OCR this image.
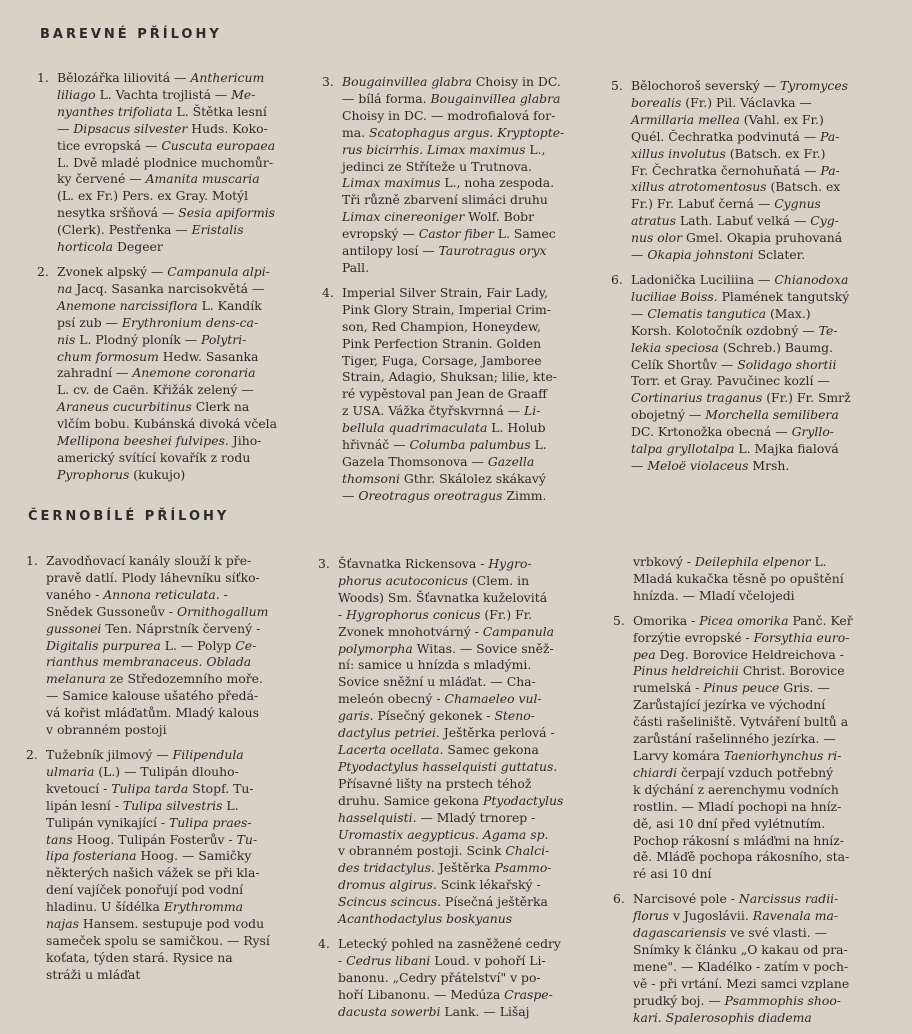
BAREVNÉ PŘÍLOHY
1. Bělozářka liliovitá — Anthericum
liliago L. Vachta trojlistá — Me-
nyanthes trifoliata L. Štětka lesní
— Dipsacus silvester Huds. Koko-
tice evropská — Cuscuta europaea
L. Dvě mladé plodnice muchomůr-
ky červené — Amanita muscaria
(L. ex Fr.) Pers. ex Gray. Motýl
nesytka sršňová — Sesia apiformis
(Clerk). Pestřenka — Eristalis
horticola Degeer
2. Zvonek alpský — Campanula alpi-
na Jacq. Sasanka narcisokvětá —
Anemone narcissiflora L. Kandík
psí zub — Erythronium dens-ca-
nis L. Plodný ploník — Polytri-
chum formosum Hedw. Sasanka
zahradní — Anemone coronaria
L. cv. de Caën. Křižák zelený —
Araneus cucurbitinus Clerk na
vlčím bobu. Kubánská divoká včela
Mellipona beeshei fulvipes. Jiho-
americký svítící kovařík z rodu
Pyrophorus (kukujo)
3. Bougainvillea glabra Choisy in DC.
— bílá forma. Bougainvillea glabra
Choisy in DC. — modrofialová for-
ma. Scatophagus argus. Kryptopte-
rus bicirrhis. Limax maximus L.,
jedinci ze Stříteže u Trutnova.
Limax maximus L., noha zespoda.
Tři různě zbarvení slimáci druhu
Limax cinereoniger Wolf. Bobr
evropský — Castor fiber L. Samec
antilopy losí — Taurotragus oryx
Pall.
4. Imperial Silver Strain, Fair Lady,
Pink Glory Strain, Imperial Crim-
son, Red Champion, Honeydew,
Pink Perfection Stranin. Golden
Tiger, Fuga, Corsage, Jamboree
Strain, Adagio, Shuksan; lilie, kte-
ré vypěstoval pan Jean de Graaff
z USA. Vážka čtyřskvrnná — Li-
bellula quadrimaculata L. Holub
hřivnáč — Columba palumbus L.
Gazela Thomsonova — Gazella
thomsoni Gthr. Skálolez skákavý
— Oreotragus oreotragus Zimm.
5. Bělochoroš severský — Tyromyces
borealis (Fr.) Pil. Václavka —
Armillaria mellea (Vahl. ex Fr.)
Quél. Čechratka podvinutá — Pa-
xillus involutus (Batsch. ex Fr.)
Fr. Čechratka černohuňatá — Pa-
xillus atrotomentosus (Batsch. ex
Fr.) Fr. Labuť černá — Cygnus
atratus Lath. Labuť velká — Cyg-
nus olor Gmel. Okapia pruhovaná
— Okapia johnstoni Sclater.
6. Ladonička Luciliina — Chianodoxa
luciliae Boiss. Plamének tangutský
— Clematis tangutica (Max.)
Korsh. Kolotočník ozdobný — Te-
lekia speciosa (Schreb.) Baumg.
Celík Shortův — Solidago shortii
Torr. et Gray. Pavučinec kozlí —
Cortinarius traganus (Fr.) Fr. Smrž
obojetný — Morchella semilibera
DC. Krtonožka obecná — Gryllo-
talpa gryllotalpa L. Majka fialová
— Meloë violaceus Mrsh.
ČERNOBÍLÉ PŘÍLOHY
1. Zavodňovací kanály slouží k pře-
pravě datlí. Plody láhevníku síťko-
vaného - Annona reticulata. -
Snědek Gussoneův - Ornithogallum
gussonei Ten. Náprstník červený -
Digitalis purpurea L. — Polyp Ce-
rianthus membranaceus. Oblada
melanura ze Středozemního moře.
— Samice kalouse ušatého předá-
vá kořist mláďatům. Mladý kalous
v obranném postoji
2. Tužebník jilmový — Filipendula
ulmaria (L.) — Tulipán dlouho-
kvetoucí - Tulipa tarda Stopf. Tu-
lipán lesní - Tulipa silvestris L.
Tulipán vynikající - Tulipa praes-
tans Hoog. Tulipán Fosterův - Tu-
lipa fosteriana Hoog. — Samičky
některých našich vážek se při kla-
dení vajíček ponořují pod vodní
hladinu. U šídélka Erythromma
najas Hansem. sestupuje pod vodu
sameček spolu se samičkou. — Rysí
koťata, týden stará. Rysice na
stráži u mláďat
3. Šťavnatka Rickensova - Hygro-
phorus acutoconicus (Clem. in
Woods) Sm. Šťavnatka kuželovitá
- Hygrophorus conicus (Fr.) Fr.
Zvonek mnohotvárný - Campanula
polymorpha Witas. — Sovice sněž-
ní: samice u hnízda s mladými.
Sovice sněžní u mláďat. — Cha-
meleón obecný - Chamaeleo vul-
garis. Písečný gekonek - Steno-
dactylus petriei. Ještěrka perlová -
Lacerta ocellata. Samec gekona
Ptyodactylus hasselquisti guttatus.
Přísavné lišty na prstech téhož
druhu. Samice gekona Ptyodactylus
hasselquisti. — Mladý trnorep -
Uromastix aegypticus. Agama sp.
v obranném postoji. Scink Chalci-
des tridactylus. Ještěrka Psammo-
dromus algirus. Scink lékařský -
Scincus scincus. Písečná ještěrka
Acanthodactylus boskyanus
4. Letecký pohled na zasněžené cedry
- Cedrus libani Loud. v pohoří Li-
banonu. „Cedry přátelství" v po-
hoří Libanonu. — Medúza Craspe-
dacusta sowerbi Lank. — Lišaj
vrbkový - Deilephila elpenor L.
Mladá kukačka těsně po opuštění
hnízda. — Mladí včelojedi
5. Omorika - Picea omorika Panč. Keř
forzýtie evropské - Forsythia euro-
pea Deg. Borovice Heldreichova -
Pinus heldreichii Christ. Borovice
rumelská - Pinus peuce Gris. —
Zarůstající jezírka ve východní
části rašeliniště. Vytváření bultů a
zarůstání rašelinného jezírka. —
Larvy komára Taeniorhynchus ri-
chiardi čerpají vzduch potřebný
k dýchání z aerenchymu vodních
rostlin. — Mladí pochopi na hníz-
dě, asi 10 dní před vylétnutím.
Pochop rákosní s mláďmi na hníz-
dě. Mláďě pochopa rákosního, sta-
ré asi 10 dní
6. Narcisové pole - Narcissus radii-
florus v Jugoslávii. Ravenala ma-
dagascariensis ve své vlasti. —
Snímky k článku „O kakau od pra-
mene". — Kladélko - zatím v poch-
vě - při vrtání. Mezi samci vzplane
prudký boj. — Psammophis shoo-
kari. Spalerosophis diadema
